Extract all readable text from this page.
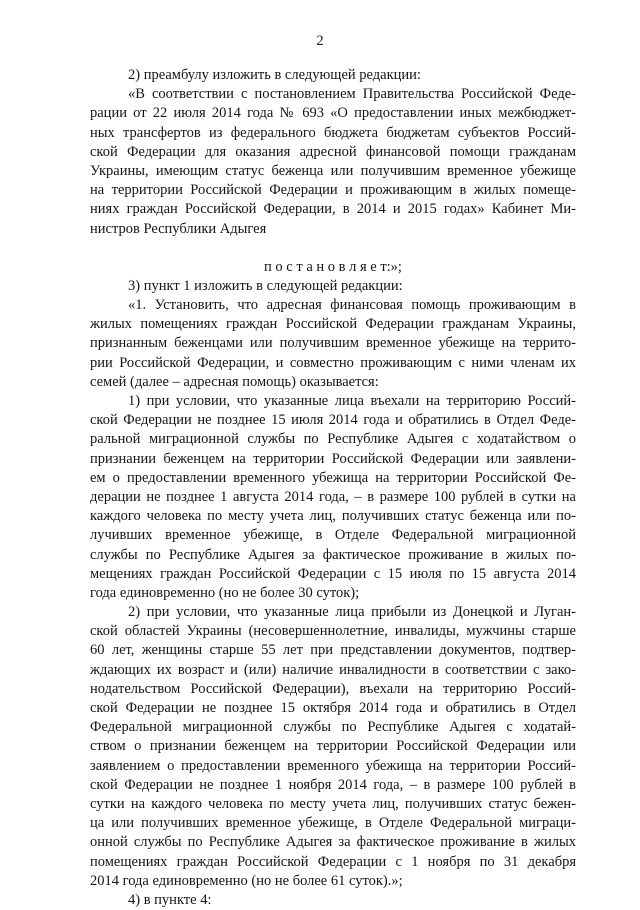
2
2) преамбулу изложить в следующей редакции:
«В соответствии с постановлением Правительства Российской Феде-
рации от 22 июля 2014 года № 693 «О предоставлении иных межбюджет-
ных трансфертов из федерального бюджета бюджетам субъектов Россий-
ской Федерации для оказания адресной финансовой помощи гражданам
Украины, имеющим статус беженца или получившим временное убежище
на территории Российской Федерации и проживающим в жилых помеще-
ниях граждан Российской Федерации, в 2014 и 2015 годах» Кабинет Ми-
нистров Республики Адыгея
п о с т а н о в л я е т:»;
3) пункт 1 изложить в следующей редакции:
«1. Установить, что адресная финансовая помощь проживающим в
жилых помещениях граждан Российской Федерации гражданам Украины,
признанным беженцами или получившим временное убежище на террито-
рии Российской Федерации, и совместно проживающим с ними членам их
семей (далее – адресная помощь) оказывается:
1) при условии, что указанные лица въехали на территорию Россий-
ской Федерации не позднее 15 июля 2014 года и обратились в Отдел Феде-
ральной миграционной службы по Республике Адыгея с ходатайством о
признании беженцем на территории Российской Федерации или заявлени-
ем о предоставлении временного убежища на территории Российской Фе-
дерации не позднее 1 августа 2014 года, – в размере 100 рублей в сутки на
каждого человека по месту учета лиц, получивших статус беженца или по-
лучивших временное убежище, в Отделе Федеральной миграционной
службы по Республике Адыгея за фактическое проживание в жилых по-
мещениях граждан Российской Федерации с 15 июля по 15 августа 2014
года единовременно (но не более 30 суток);
2) при условии, что указанные лица прибыли из Донецкой и Луган-
ской областей Украины (несовершеннолетние, инвалиды, мужчины старше
60 лет, женщины старше 55 лет при представлении документов, подтвер-
ждающих их возраст и (или) наличие инвалидности в соответствии с зако-
нодательством Российской Федерации), въехали на территорию Россий-
ской Федерации не позднее 15 октября 2014 года и обратились в Отдел
Федеральной миграционной службы по Республике Адыгея с ходатай-
ством о признании беженцем на территории Российской Федерации или
заявлением о предоставлении временного убежища на территории Россий-
ской Федерации не позднее 1 ноября 2014 года, – в размере 100 рублей в
сутки на каждого человека по месту учета лиц, получивших статус бежен-
ца или получивших временное убежище, в Отделе Федеральной миграци-
онной службы по Республике Адыгея за фактическое проживание в жилых
помещениях граждан Российской Федерации с 1 ноября по 31 декабря
2014 года единовременно (но не более 61 суток).»;
4) в пункте 4:
